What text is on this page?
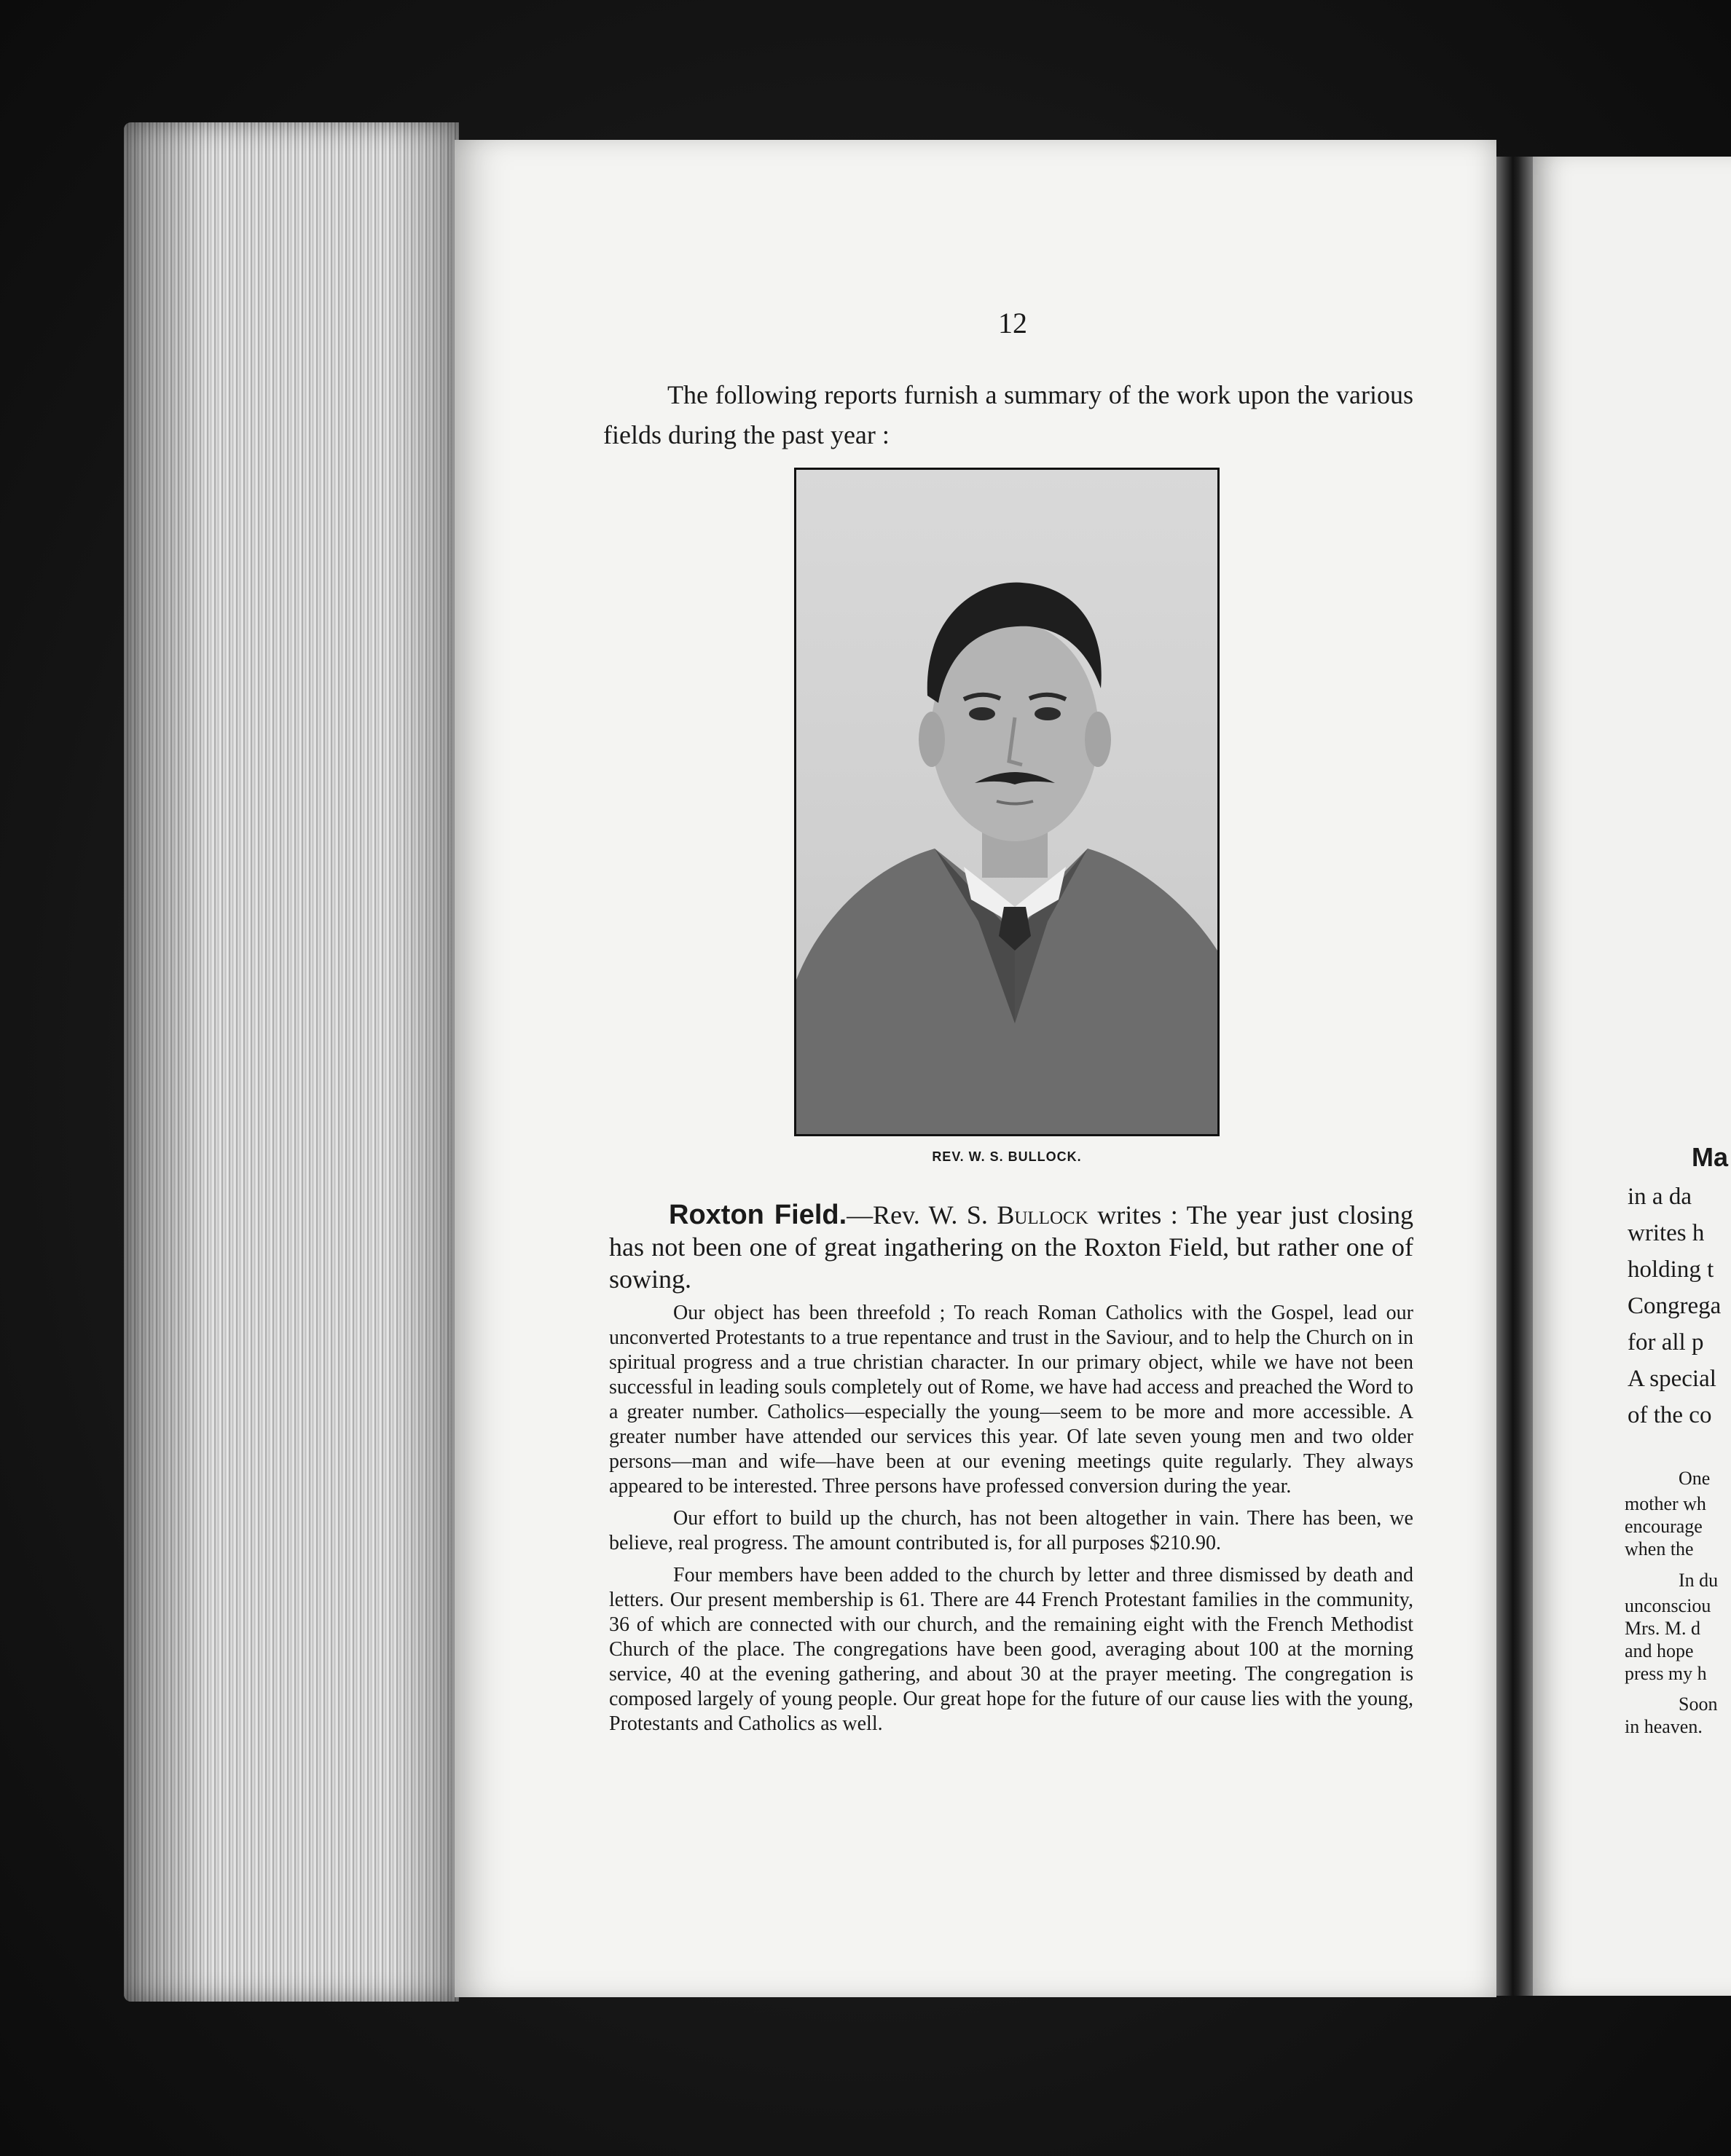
Ma
in a da
writes h
holding t
Congrega
for all p
A special
of the co
One
mother wh
encourage
when the
In du
unconsciou
Mrs. M. d
and hope
press my h
Soon
in heaven.
12

The following reports furnish a summary of the work upon the various fields during the past year :

REV. W. S. BULLOCK.

Roxton Field.—Rev. W. S. Bullock writes : The year just closing has not been one of great ingathering on the Roxton Field, but rather one of sowing.

Our object has been threefold ; To reach Roman Catholics with the Gospel, lead our unconverted Protestants to a true repentance and trust in the Saviour, and to help the Church on in spiritual progress and a true christian character. In our primary object, while we have not been successful in leading souls completely out of Rome, we have had access and preached the Word to a greater number. Catholics—especially the young—seem to be more and more accessible. A greater number have attended our services this year. Of late seven young men and two older persons—man and wife—have been at our evening meetings quite regularly. They always appeared to be interested. Three persons have professed conversion during the year.

Our effort to build up the church, has not been altogether in vain. There has been, we believe, real progress. The amount contributed is, for all purposes $210.90.

Four members have been added to the church by letter and three dismissed by death and letters. Our present membership is 61. There are 44 French Protestant families in the community, 36 of which are connected with our church, and the remaining eight with the French Methodist Church of the place. The congregations have been good, averaging about 100 at the morning service, 40 at the evening gathering, and about 30 at the prayer meeting. The congregation is composed largely of young people. Our great hope for the future of our cause lies with the young, Protestants and Catholics as well.
